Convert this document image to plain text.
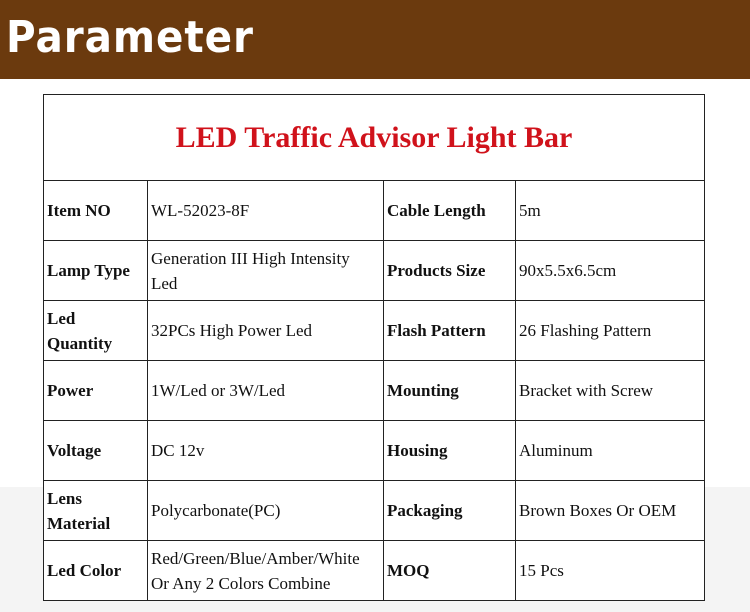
Parameter
LED Traffic Advisor Light Bar			
Item NO	WL-52023-8F	Cable Length	5m
Lamp Type	Generation III High Intensity Led	Products Size	90x5.5x6.5cm
Led Quantity	32PCs High Power Led	Flash Pattern	26 Flashing Pattern
Power	1W/Led or 3W/Led	Mounting	Bracket with Screw
Voltage	DC 12v	Housing	Aluminum
Lens Material	Polycarbonate(PC)	Packaging	Brown Boxes Or OEM
Led Color	Red/Green/Blue/Amber/White Or Any 2 Colors Combine	MOQ	15 Pcs
